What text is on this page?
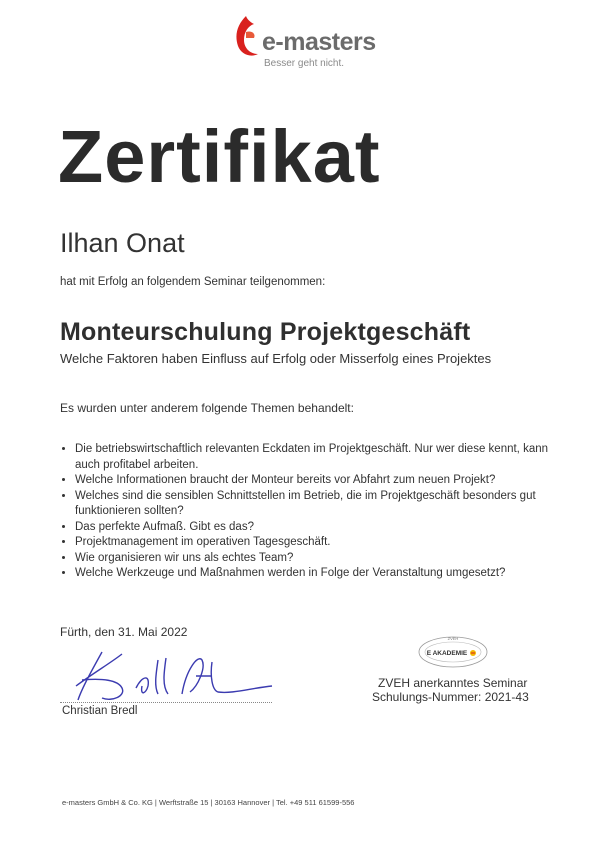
e-masters
Besser geht nicht.
Zertifikat
Ilhan Onat
hat mit Erfolg an folgendem Seminar teilgenommen:
Monteurschulung Projektgeschäft
Welche Faktoren haben Einfluss auf Erfolg oder Misserfolg eines Projektes
Es wurden unter anderem folgende Themen behandelt:
• Die betriebswirtschaftlich relevanten Eckdaten im Projektgeschäft. Nur wer diese kennt, kann auch profitabel arbeiten.
• Welche Informationen braucht der Monteur bereits vor Abfahrt zum neuen Projekt?
• Welches sind die sensiblen Schnittstellen im Betrieb, die im Projektgeschäft besonders gut funktionieren sollten?
• Das perfekte Aufmaß. Gibt es das?
• Projektmanagement im operativen Tagesgeschäft.
• Wie organisieren wir uns als echtes Team?
• Welche Werkzeuge und Maßnahmen werden in Folge der Veranstaltung umgesetzt?
Fürth, den 31. Mai 2022
Christian Bredl
ZVEH
E AKADEMIE
ZVEH anerkanntes Seminar
Schulungs-Nummer: 2021-43
e-masters GmbH & Co. KG | Werftstraße 15 | 30163 Hannover | Tel. +49 511 61599-556
